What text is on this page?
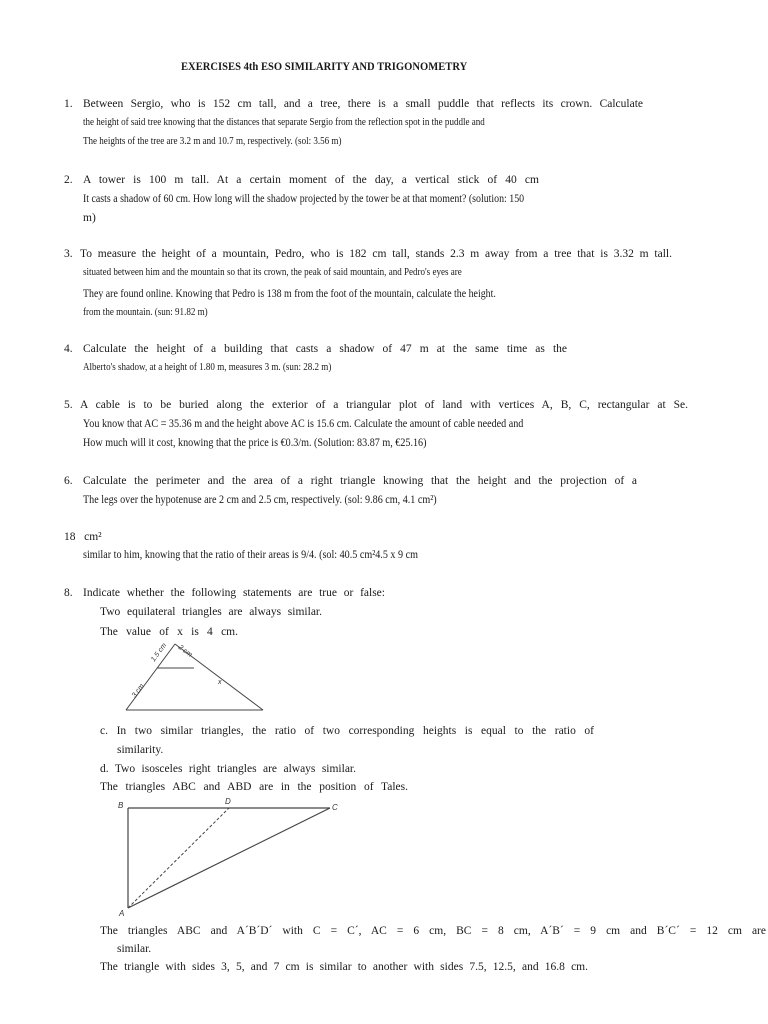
EXERCISES 4th ESO SIMILARITY AND TRIGONOMETRY
1. Between Sergio, who is 152 cm tall, and a tree, there is a small puddle that reflects its crown. Calculate
the height of said tree knowing that the distances that separate Sergio from the reflection spot in the puddle and
The heights of the tree are 3.2 m and 10.7 m, respectively. (sol: 3.56 m)
2. A tower is 100 m tall. At a certain moment of the day, a vertical stick of 40 cm
It casts a shadow of 60 cm. How long will the shadow projected by the tower be at that moment? (solution: 150
m)
3. To measure the height of a mountain, Pedro, who is 182 cm tall, stands 2.3 m away from a tree that is 3.32 m tall.
situated between him and the mountain so that its crown, the peak of said mountain, and Pedro's eyes are
They are found online. Knowing that Pedro is 138 m from the foot of the mountain, calculate the height.
from the mountain. (sun: 91.82 m)
4. Calculate the height of a building that casts a shadow of 47 m at the same time as the
Alberto's shadow, at a height of 1.80 m, measures 3 m. (sun: 28.2 m)
5. A cable is to be buried along the exterior of a triangular plot of land with vertices A, B, C, rectangular at Se.
You know that AC = 35.36 m and the height above AC is 15.6 cm. Calculate the amount of cable needed and
How much will it cost, knowing that the price is €0.3/m. (Solution: 83.87 m, €25.16)
6. Calculate the perimeter and the area of a right triangle knowing that the height and the projection of a
The legs over the hypotenuse are 2 cm and 2.5 cm, respectively. (sol: 9.86 cm, 4.1 cm²)
18   cm²
similar to him, knowing that the ratio of their areas is 9/4. (sol: 40.5 cm²4.5 x 9 cm
8. Indicate whether the following statements are true or false:
Two equilateral triangles are always similar.
The value of x is 4 cm.
1.5 cm 2 cm
3 cm
x
c. In two similar triangles, the ratio of two corresponding heights is equal to the ratio of
similarity.
d. Two isosceles right triangles are always similar.
The triangles ABC and ABD are in the position of Tales.
B	D
C
A
The triangles ABC and A´B´D´ with C = C´, AC = 6 cm, BC = 8 cm, A´B´ = 9 cm and B´C´ = 12 cm are
similar.
The triangle with sides 3, 5, and 7 cm is similar to another with sides 7.5, 12.5, and 16.8 cm.
